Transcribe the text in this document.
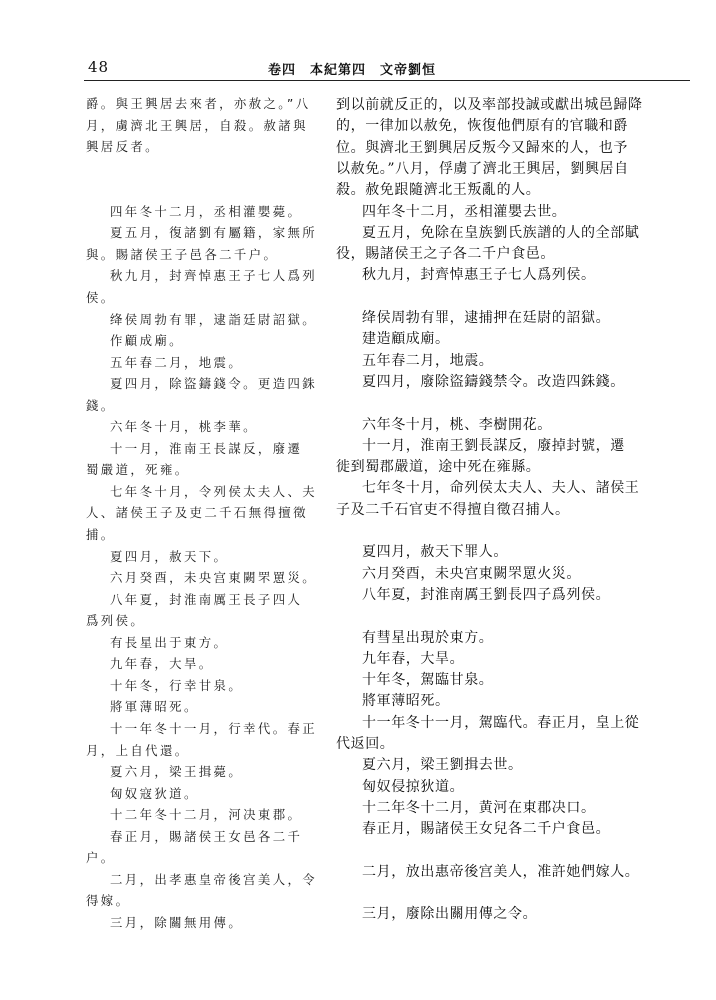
48	卷四　本紀第四　文帝劉恒
爵。與王興居去來者，亦赦之。”八
月，虜濟北王興居，自殺。赦諸與
興居反者。
四年冬十二月，丞相灌嬰薨。
夏五月，復諸劉有屬籍，家無所
與。賜諸侯王子邑各二千户。
秋九月，封齊悼惠王子七人爲列
侯。
绛侯周勃有罪，逮詣廷尉詔獄。
作顧成廟。
五年春二月，地震。
夏四月，除盜鑄錢令。更造四銖
錢。
六年冬十月，桃李華。
十一月，淮南王長謀反，廢遷
蜀嚴道，死雍。
七年冬十月，令列侯太夫人、夫
人、諸侯王子及吏二千石無得擅徵
捕。
夏四月，赦天下。
六月癸酉，未央宫東闕罘罳災。
八年夏，封淮南厲王長子四人
爲列侯。
有長星出于東方。
九年春，大旱。
十年冬，行幸甘泉。
將軍薄昭死。
十一年冬十一月，行幸代。春正
月，上自代還。
夏六月，梁王揖薨。
匈奴寇狄道。
十二年冬十二月，河决東郡。
春正月，賜諸侯王女邑各二千
户。
二月，出孝惠皇帝後宫美人，令
得嫁。
三月，除關無用傳。
到以前就反正的，以及率部投誠或獻出城邑歸降
的，一律加以赦免，恢復他們原有的官職和爵
位。與濟北王劉興居反叛今又歸來的人，也予
以赦免。”八月，俘虜了濟北王興居，劉興居自
殺。赦免跟隨濟北王叛亂的人。
四年冬十二月，丞相灌嬰去世。
夏五月，免除在皇族劉氏族譜的人的全部賦
役，賜諸侯王之子各二千户食邑。
秋九月，封齊悼惠王子七人爲列侯。
绛侯周勃有罪，逮捕押在廷尉的詔獄。
建造顧成廟。
五年春二月，地震。
夏四月，廢除盜鑄錢禁令。改造四銖錢。
六年冬十月，桃、李樹開花。
十一月，淮南王劉長謀反，廢掉封號，遷
徙到蜀郡嚴道，途中死在雍縣。
七年冬十月，命列侯太夫人、夫人、諸侯王
子及二千石官吏不得擅自徵召捕人。
夏四月，赦天下罪人。
六月癸酉，未央宫東闕罘罳火災。
八年夏，封淮南厲王劉長四子爲列侯。
有彗星出現於東方。
九年春，大旱。
十年冬，駕臨甘泉。
將軍薄昭死。
十一年冬十一月，駕臨代。春正月，皇上從
代返回。
夏六月，梁王劉揖去世。
匈奴侵掠狄道。
十二年冬十二月，黄河在東郡决口。
春正月，賜諸侯王女兒各二千户食邑。
二月，放出惠帝後宫美人，准許她們嫁人。
三月，廢除出關用傳之令。
